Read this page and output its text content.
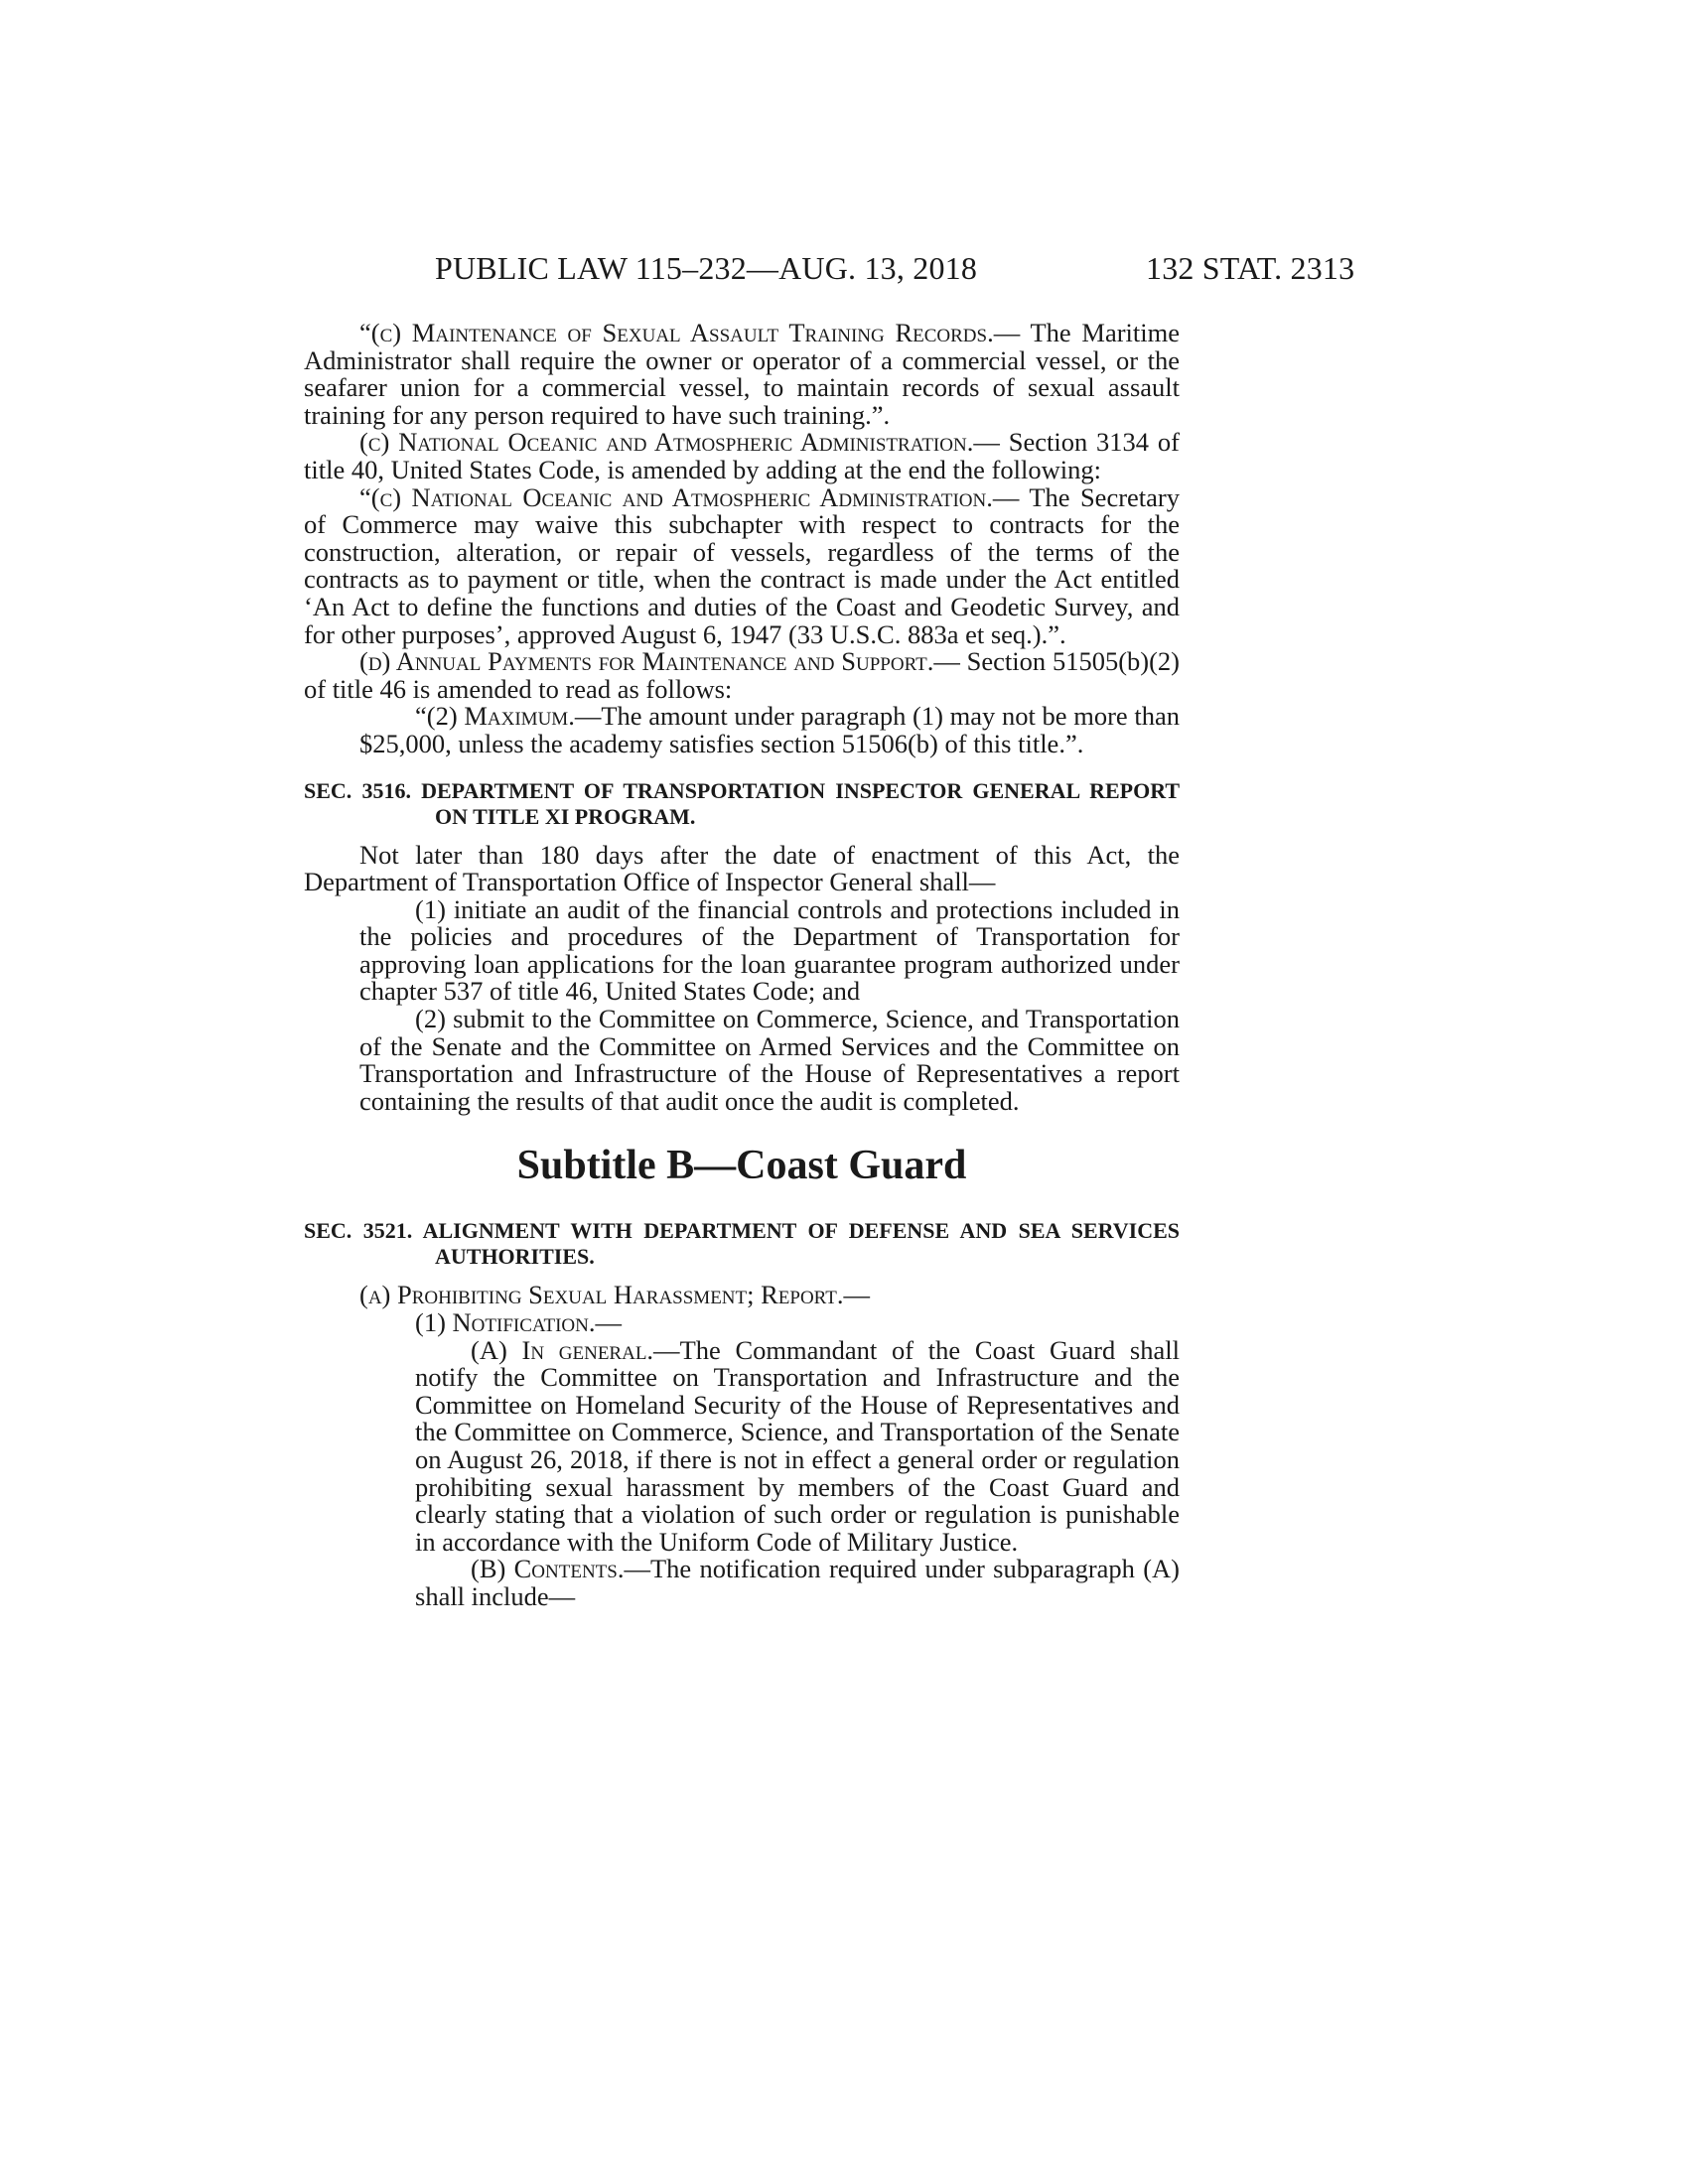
PUBLIC LAW 115–232—AUG. 13, 2018	132 STAT. 2313

“(c) Maintenance of Sexual Assault Training Records.— The Maritime Administrator shall require the owner or operator of a commercial vessel, or the seafarer union for a commercial vessel, to maintain records of sexual assault training for any person required to have such training.”.

(c) National Oceanic and Atmospheric Administration.— Section 3134 of title 40, United States Code, is amended by adding at the end the following:

“(c) National Oceanic and Atmospheric Administration.— The Secretary of Commerce may waive this subchapter with respect to contracts for the construction, alteration, or repair of vessels, regardless of the terms of the contracts as to payment or title, when the contract is made under the Act entitled ‘An Act to define the functions and duties of the Coast and Geodetic Survey, and for other purposes’, approved August 6, 1947 (33 U.S.C. 883a et seq.).”.

(d) Annual Payments for Maintenance and Support.— Section 51505(b)(2) of title 46 is amended to read as follows:

“(2) Maximum.—The amount under paragraph (1) may not be more than $25,000, unless the academy satisfies section 51506(b) of this title.”.

SEC. 3516. DEPARTMENT OF TRANSPORTATION INSPECTOR GENERAL REPORT ON TITLE XI PROGRAM.

Not later than 180 days after the date of enactment of this Act, the Department of Transportation Office of Inspector General shall—

(1) initiate an audit of the financial controls and protections included in the policies and procedures of the Department of Transportation for approving loan applications for the loan guarantee program authorized under chapter 537 of title 46, United States Code; and

(2) submit to the Committee on Commerce, Science, and Transportation of the Senate and the Committee on Armed Services and the Committee on Transportation and Infrastructure of the House of Representatives a report containing the results of that audit once the audit is completed.

Subtitle B—Coast Guard
SEC. 3521. ALIGNMENT WITH DEPARTMENT OF DEFENSE AND SEA SERVICES AUTHORITIES.

(a) Prohibiting Sexual Harassment; Report.—

(1) Notification.—

(A) In general.—The Commandant of the Coast Guard shall notify the Committee on Transportation and Infrastructure and the Committee on Homeland Security of the House of Representatives and the Committee on Commerce, Science, and Transportation of the Senate on August 26, 2018, if there is not in effect a general order or regulation prohibiting sexual harassment by members of the Coast Guard and clearly stating that a violation of such order or regulation is punishable in accordance with the Uniform Code of Military Justice.

(B) Contents.—The notification required under subparagraph (A) shall include—
